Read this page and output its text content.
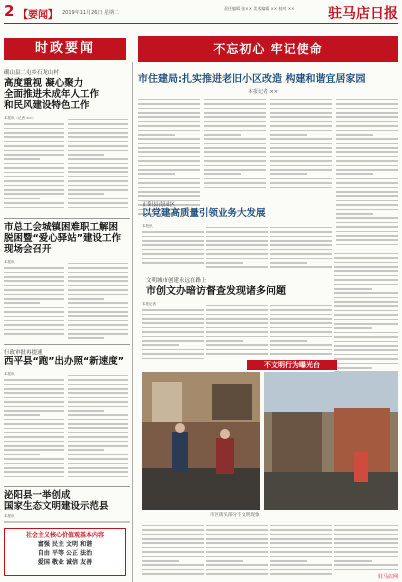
2 【要闻】 2019年11月26日 星期二
责任编辑 张×× 美术编辑 ×× 校对 ××	驻马店日报
时政要闻	不忘初心 牢记使命
确山县二屯乡石龙山村
高度重视 凝心聚力
全面推进未成年人工作
和民风建设特色工作
本报讯（记者 ××）
市总工会城镇困难职工解困
脱困暨“爱心驿站”建设工作
现场会召开
本报讯
行政审批再提速
西平县“跑”出办照“新速度”
本报讯
泌阳县一举创成
国家生态文明建设示范县
本报讯
社会主义核心价值观基本内容
富强 民主 文明 和谐
自由 平等 公正 法治
爱国 敬业 诚信 友善
市住建局:扎实推进老旧小区改造 构建和谐宜居家园
本报记者 ××
正阳县南园区
以党建高质量引领业务大发展
本报讯
文明城市创建永远在路上
市创文办暗访督查发现诸多问题
本报记者
不文明行为曝光台
市区街头部分不文明现象
驻马店网
